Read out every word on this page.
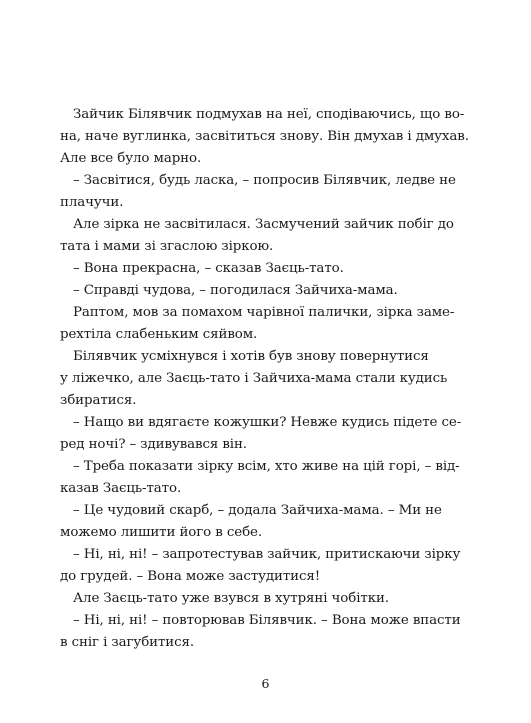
Зайчик Білявчик подмухав на неї, сподіваючись, що во-
на, наче вуглинка, засвітиться знову. Він дмухав і дмухав.
Але все було марно.
– Засвітися, будь ласка, – попросив Білявчик, ледве не
плачучи.
Але зірка не засвітилася. Засмучений зайчик побіг до
тата і мами зі згаслою зіркою.
– Вона прекрасна, – сказав Заєць-тато.
– Справді чудова, – погодилася Зайчиха-мама.
Раптом, мов за помахом чарівної палички, зірка заме-
рехтіла слабеньким сяйвом.
Білявчик усміхнувся і хотів був знову повернутися
у ліжечко, але Заєць-тато і Зайчиха-мама стали кудись
збиратися.
– Нащо ви вдягаєте кожушки? Невже кудись підете се-
ред ночі? – здивувався він.
– Треба показати зірку всім, хто живе на цій горі, – від-
казав Заєць-тато.
– Це чудовий скарб, – додала Зайчиха-мама. – Ми не
можемо лишити його в себе.
– Ні, ні, ні! – запротестував зайчик, притискаючи зірку
до грудей. – Вона може застудитися!
Але Заєць-тато уже взувся в хутряні чобітки.
– Ні, ні, ні! – повторював Білявчик. – Вона може впасти
в сніг і загубитися.
6
